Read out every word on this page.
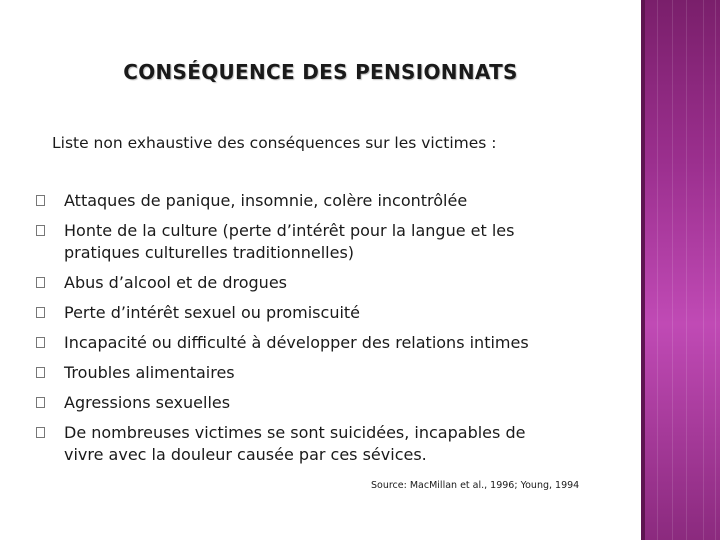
CONSÉQUENCE DES PENSIONNATS
Liste non exhaustive des conséquences sur les victimes :
Attaques de panique, insomnie, colère incontrôlée
Honte de la culture (perte d’intérêt pour la langue et les
pratiques culturelles traditionnelles)
Abus d’alcool et de drogues
Perte d’intérêt sexuel ou promiscuité
Incapacité ou difficulté à développer des relations intimes
Troubles alimentaires
Agressions sexuelles
De nombreuses victimes se sont suicidées, incapables de
vivre avec la douleur causée par ces sévices.
Source: MacMillan et al., 1996; Young, 1994
